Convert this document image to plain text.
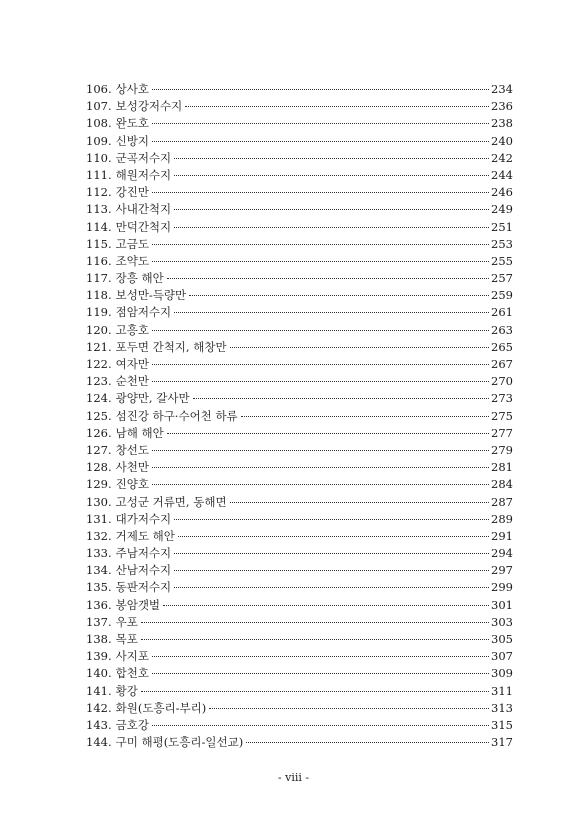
106. 상사호	234
107. 보성강저수지	236
108. 완도호	238
109. 신방지	240
110. 군곡저수지	242
111. 해원저수지	244
112. 강진만	246
113. 사내간척지	249
114. 만덕간척지	251
115. 고금도	253
116. 조약도	255
117. 장흥 해안	257
118. 보성만-득량만	259
119. 점암저수지	261
120. 고흥호	263
121. 포두면 간척지, 해창만	265
122. 여자만	267
123. 순천만	270
124. 광양만, 갈사만	273
125. 섬진강 하구·수어천 하류	275
126. 남해 해안	277
127. 창선도	279
128. 사천만	281
129. 진양호	284
130. 고성군 거류면, 동해면	287
131. 대가저수지	289
132. 거제도 해안	291
133. 주남저수지	294
134. 산남저수지	297
135. 동판저수지	299
136. 봉암갯벌	301
137. 우포	303
138. 목포	305
139. 사지포	307
140. 합천호	309
141. 황강	311
142. 화원(도흥리-부리)	313
143. 금호강	315
144. 구미 해평(도흥리-일선교)	317
- viii -
